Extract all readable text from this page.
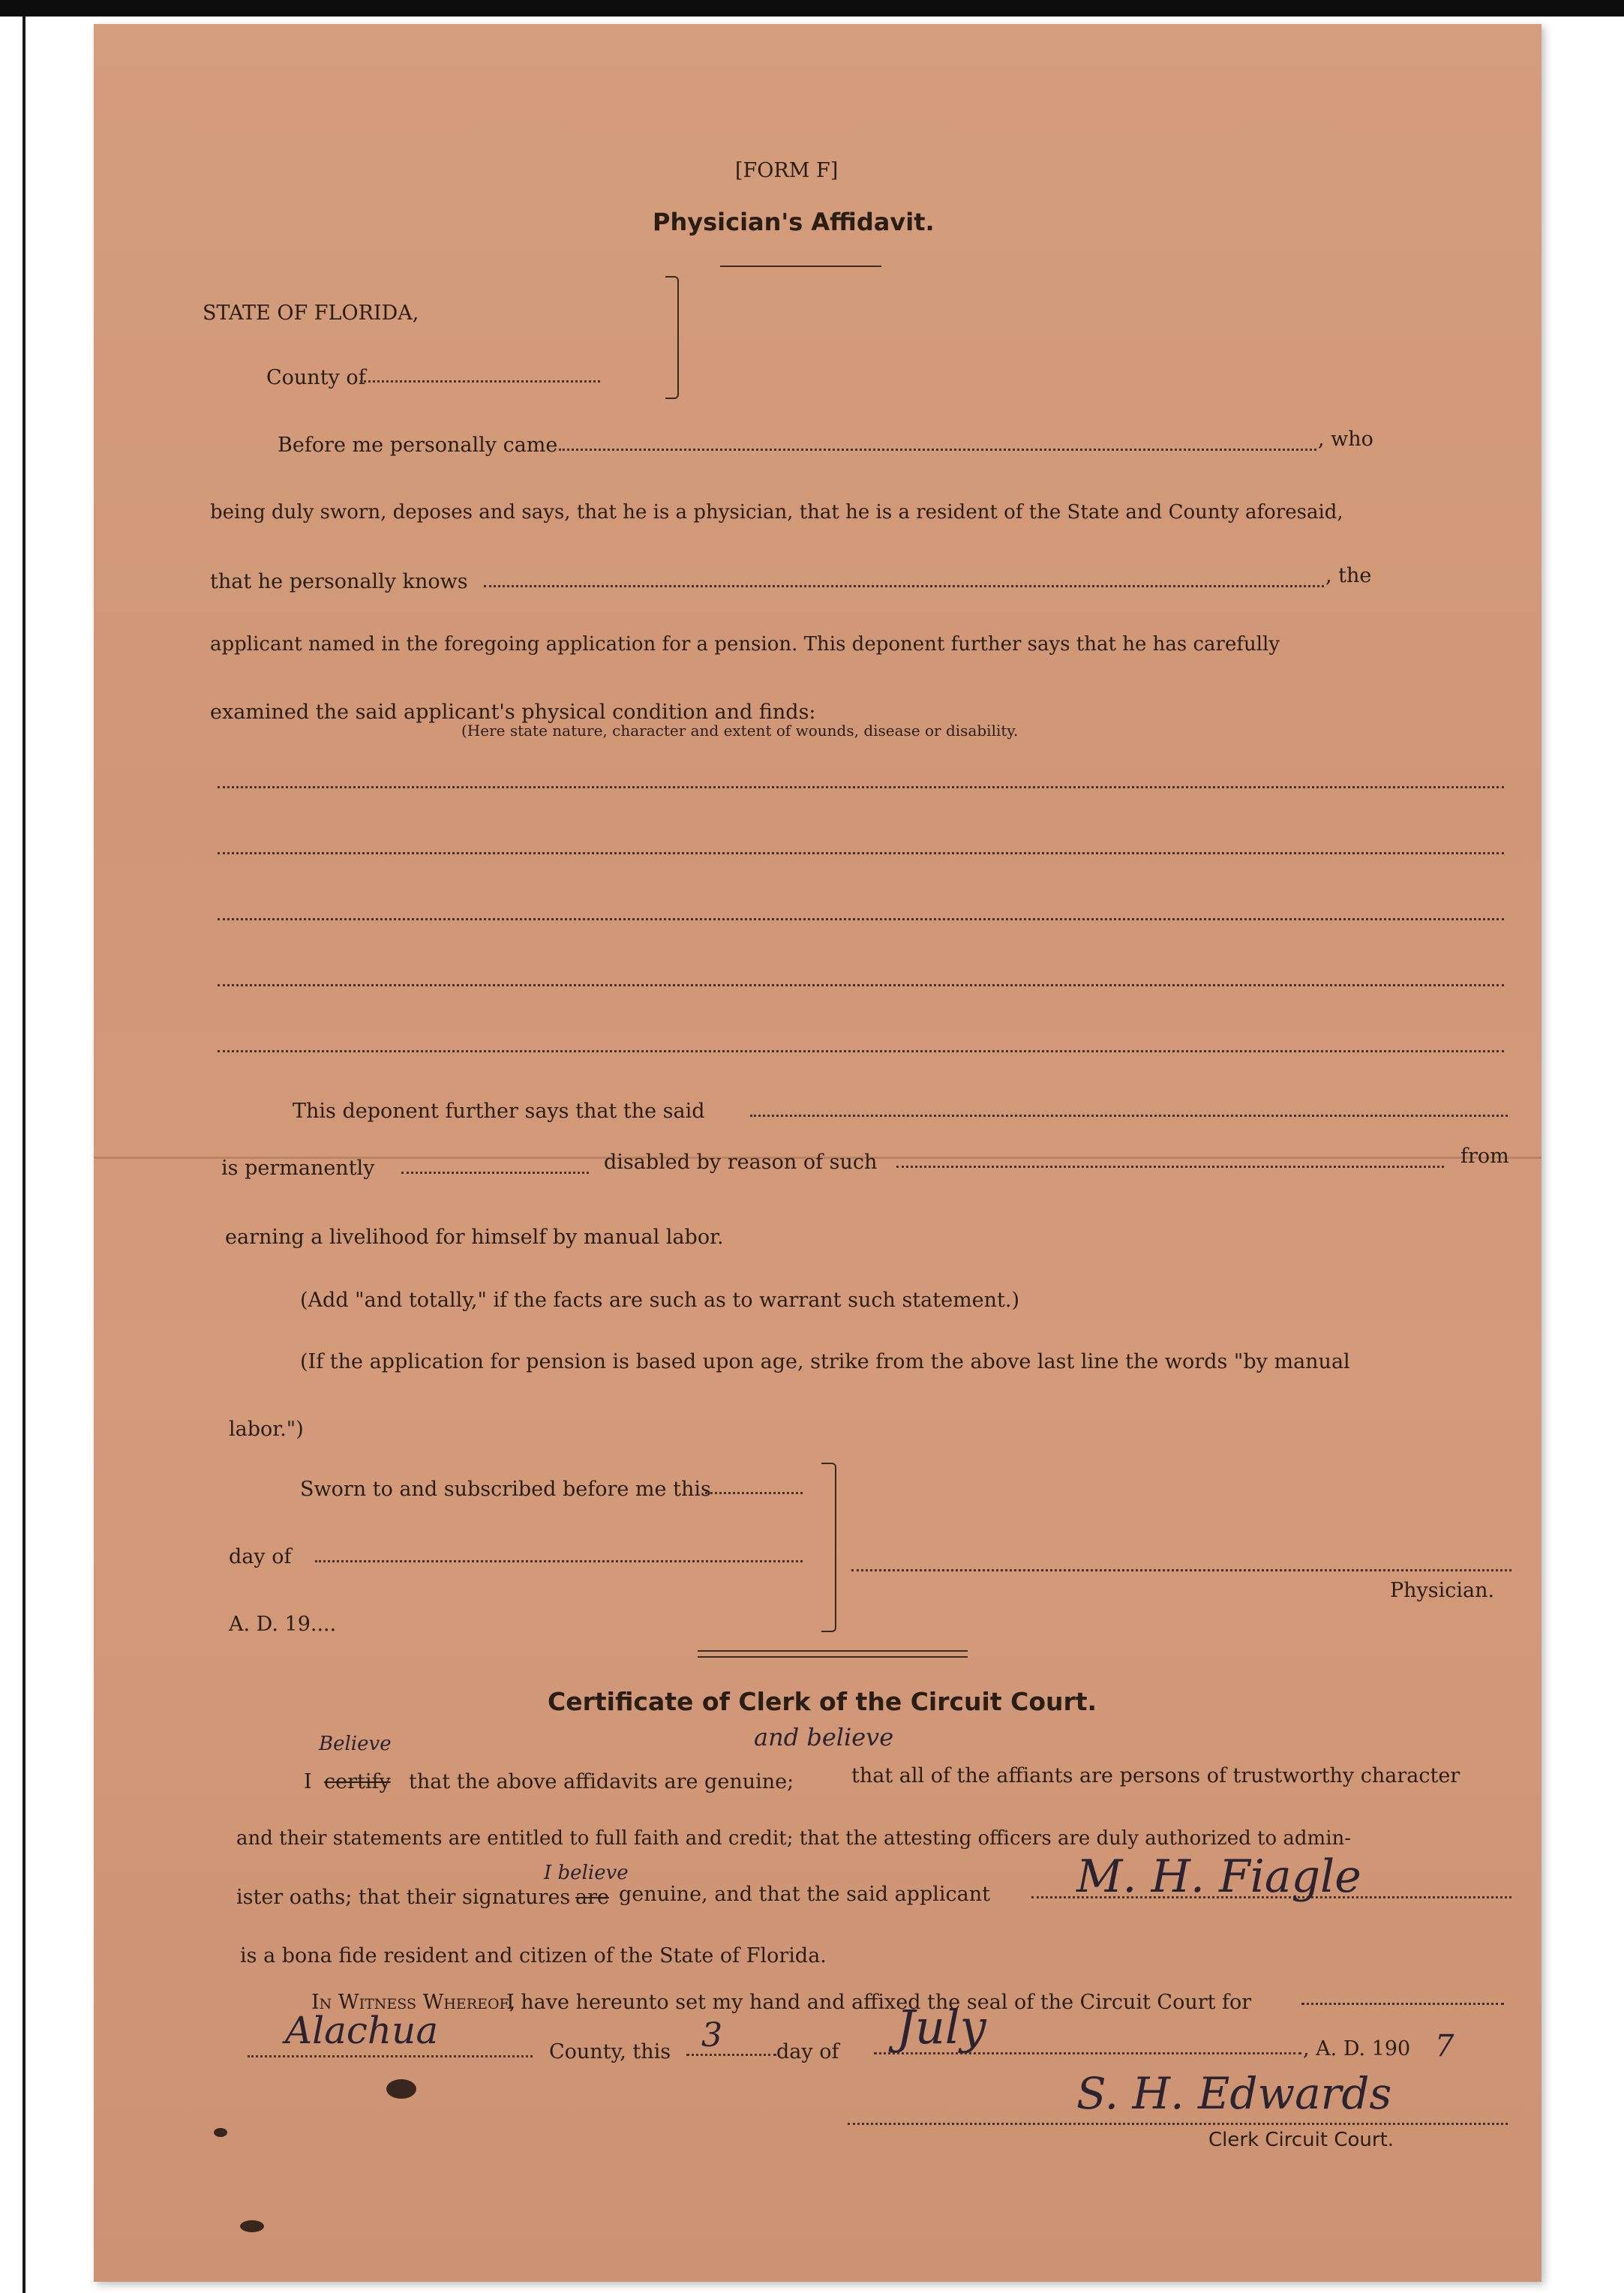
[FORM F]
Physician's Affidavit.
STATE OF FLORIDA,
County of
Before me personally came	, who
being duly sworn, deposes and says, that he is a physician, that he is a resident of the State and County aforesaid,
that he personally knows	, the
applicant named in the foregoing application for a pension. This deponent further says that he has carefully
examined the said applicant's physical condition and finds:
(Here state nature, character and extent of wounds, disease or disability.
This deponent further says that the said
is permanently	disabled by reason of such	from
earning a livelihood for himself by manual labor.
(Add "and totally," if the facts are such as to warrant such statement.)
(If the application for pension is based upon age, strike from the above last line the words "by manual
labor.")
Sworn to and subscribed before me this
day of
A. D. 19....
Physician.
Certificate of Clerk of the Circuit Court.
Believe	and believe
I certify that the above affidavits are genuine;	that all of the affiants are persons of trustworthy character
and their statements are entitled to full faith and credit; that the attesting officers are duly authorized to admin-
I believe
ister oaths; that their signatures are genuine, and that the said applicant M. H. Fiagle
is a bona fide resident and citizen of the State of Florida.
In Witness Whereof,
I have hereunto set my hand and affixed the seal of the Circuit Court for
Alachua	County, this 3	day of July	, A. D. 190 7
S. H. Edwards
Clerk Circuit Court.
